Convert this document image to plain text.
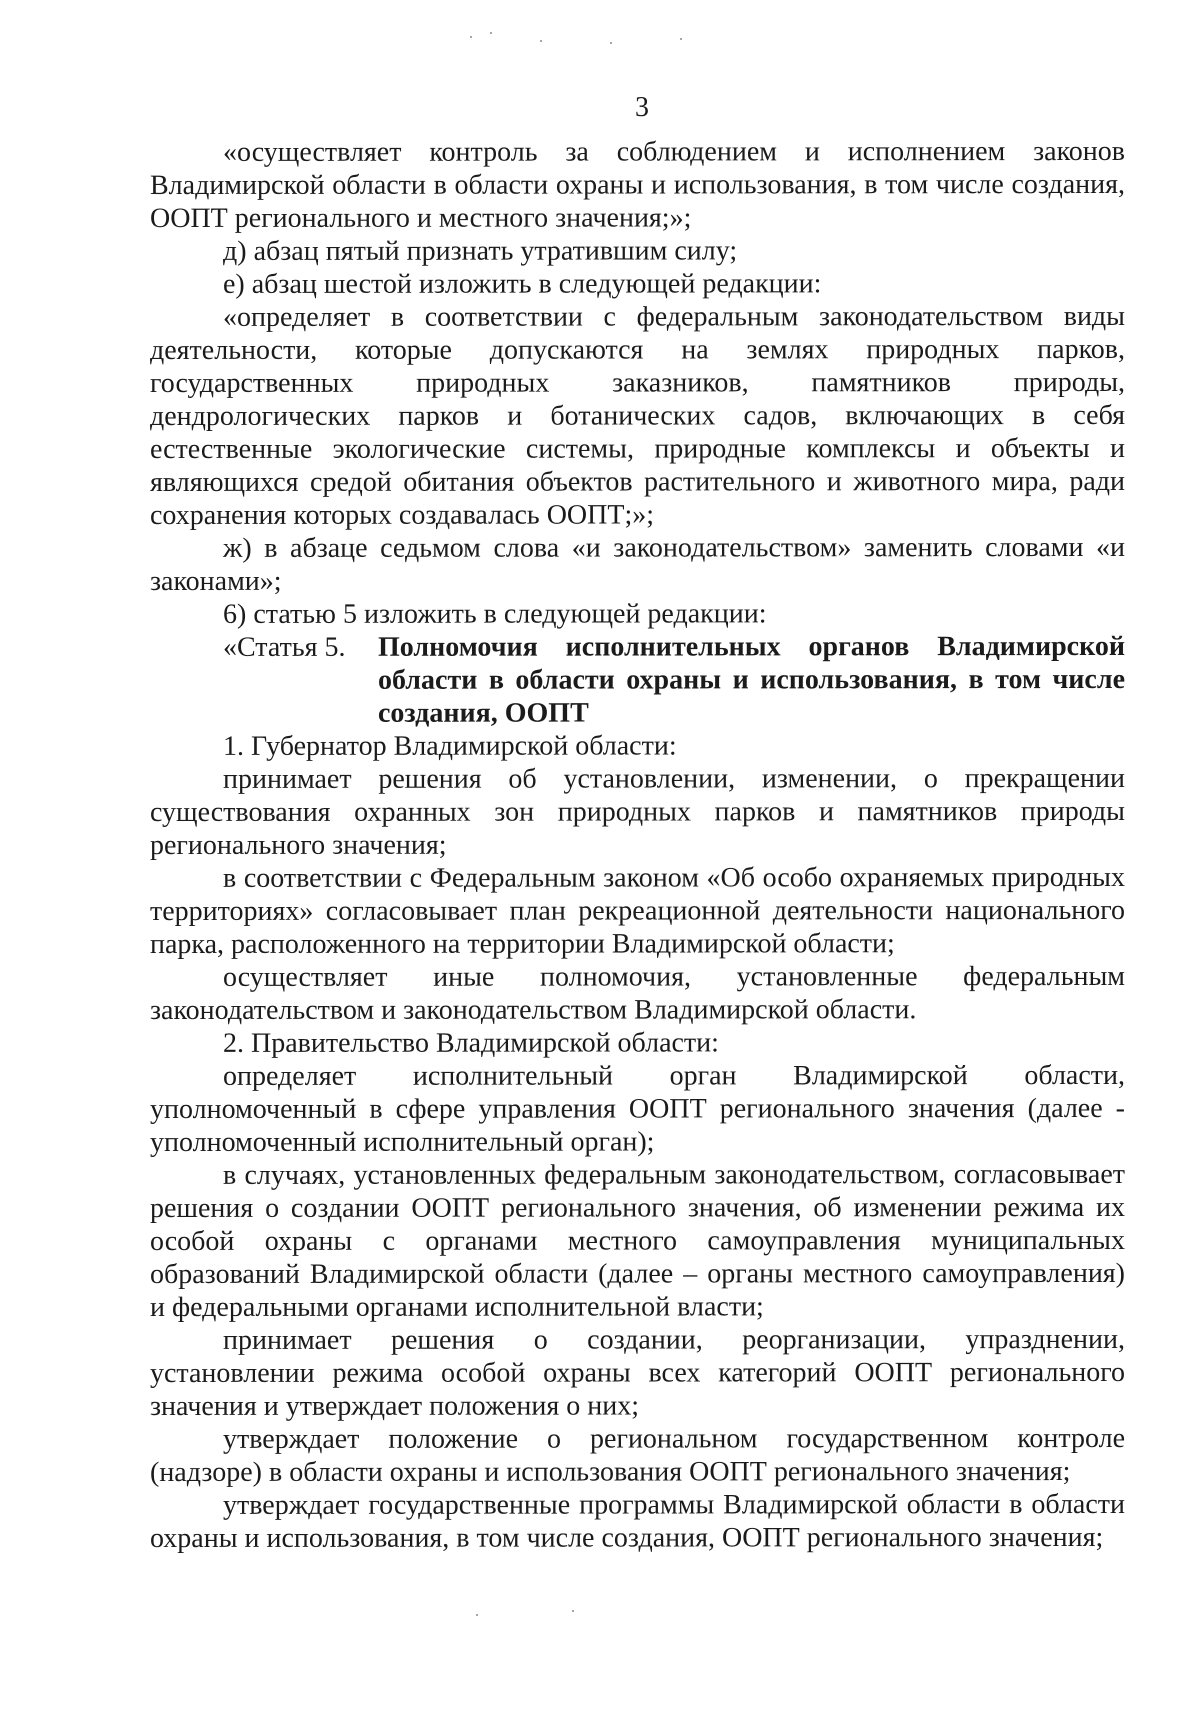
3

«осуществляет контроль за соблюдением и исполнением законов Владимирской области в области охраны и использования, в том числе создания, ООПТ регионального и местного значения;»;

д) абзац пятый признать утратившим силу;

е) абзац шестой изложить в следующей редакции:

«определяет в соответствии с федеральным законодательством виды деятельности, которые допускаются на землях природных парков, государственных природных заказников, памятников природы, дендрологических парков и ботанических садов, включающих в себя естественные экологические системы, природные комплексы и объекты и являющихся средой обитания объектов растительного и животного мира, ради сохранения которых создавалась ООПТ;»;

ж) в абзаце седьмом слова «и законодательством» заменить словами «и законами»;

6) статью 5 изложить в следующей редакции:

«Статья 5.	Полномочия исполнительных органов Владимирской области в области охраны и использования, в том числе создания, ООПТ

1. Губернатор Владимирской области:

принимает решения об установлении, изменении, о прекращении существования охранных зон природных парков и памятников природы регионального значения;

в соответствии с Федеральным законом «Об особо охраняемых природных территориях» согласовывает план рекреационной деятельности национального парка, расположенного на территории Владимирской области;

осуществляет иные полномочия, установленные федеральным законодательством и законодательством Владимирской области.

2. Правительство Владимирской области:

определяет исполнительный орган Владимирской области, уполномоченный в сфере управления ООПТ регионального значения (далее - уполномоченный исполнительный орган);

в случаях, установленных федеральным законодательством, согласовывает решения о создании ООПТ регионального значения, об изменении режима их особой охраны с органами местного самоуправления муниципальных образований Владимирской области (далее – органы местного самоуправления) и федеральными органами исполнительной власти;

принимает решения о создании, реорганизации, упразднении, установлении режима особой охраны всех категорий ООПТ регионального значения и утверждает положения о них;

утверждает положение о региональном государственном контроле (надзоре) в области охраны и использования ООПТ регионального значения;

утверждает государственные программы Владимирской области в области охраны и использования, в том числе создания, ООПТ регионального значения;
